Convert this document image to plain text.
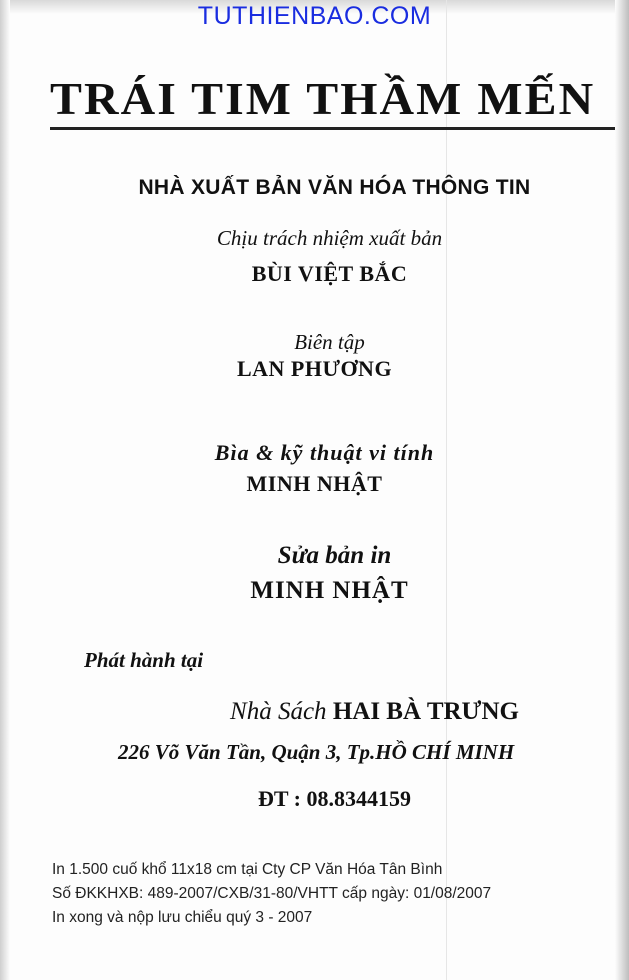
TUTHIENBAO.COM
TRÁI TIM THẦM MẾN
NHÀ XUẤT BẢN VĂN HÓA THÔNG TIN
Chịu trách nhiệm xuất bản
BÙI VIỆT BẮC
Biên tập
LAN PHƯƠNG
Bìa & kỹ thuật vi tính
MINH NHẬT
Sửa bản in
MINH NHẬT
Phát hành tại
Nhà Sách HAI BÀ TRƯNG
226 Võ Văn Tần, Quận 3, Tp.HỒ CHÍ MINH
ĐT : 08.8344159
In 1.500 cuố khổ 11x18 cm tại Cty CP Văn Hóa Tân Bình
Số ĐKKHXB: 489-2007/CXB/31-80/VHTT cấp ngày: 01/08/2007
In xong và nộp lưu chiểu quý 3 - 2007
